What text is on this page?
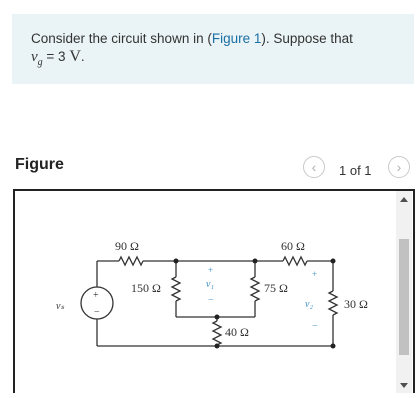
Consider the circuit shown in (Figure 1). Suppose that
$v_g = 3$ V.
Figure	‹	1 of 1	›
+
−
90 Ω	60 Ω
150 Ω	75 Ω
40 Ω
30 Ω
vₛ
+
v₁
−
+
v₂
−
